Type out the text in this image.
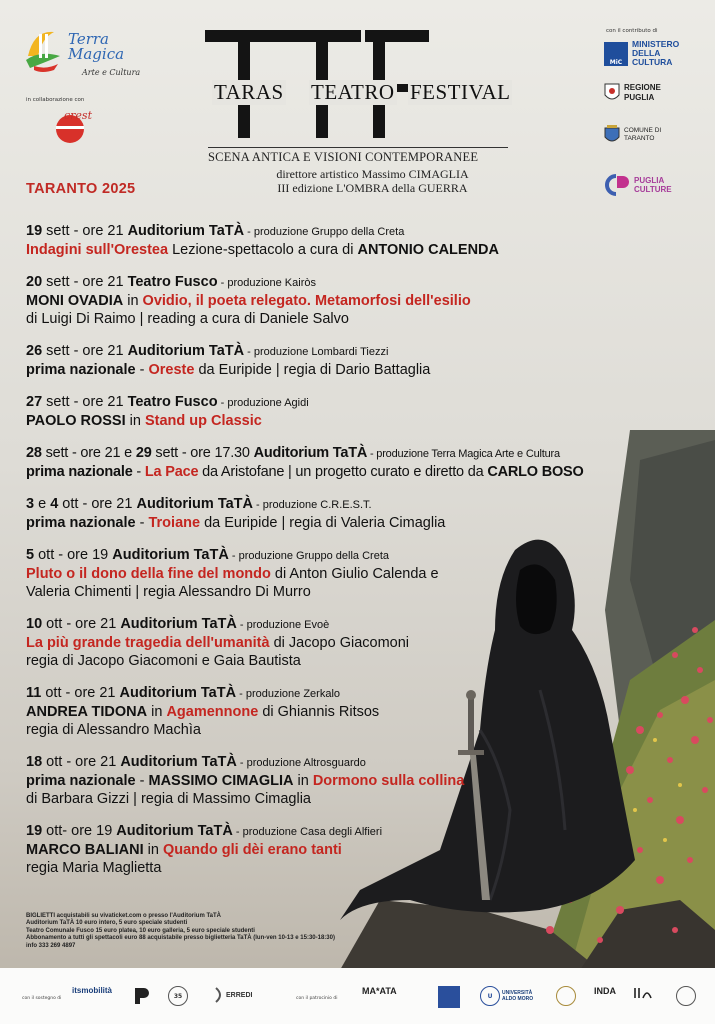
Terra Magica
Arte e Cultura
in collaborazione con
crest
TARAS TEATRO FESTIVAL
SCENA ANTICA E VISIONI CONTEMPORANEE
direttore artistico Massimo CIMAGLIA
III edizione L'OMBRA della GUERRA
TARANTO 2025
con il contributo di
MiC
MINISTERO
DELLA
CULTURA
REGIONE
PUGLIA
COMUNE DI
TARANTO
PUGLIA
CULTURE
19 sett - ore 21 Auditorium TaTÀ - produzione Gruppo della Creta
Indagini sull'Orestea Lezione-spettacolo a cura di ANTONIO CALENDA
20 sett - ore 21 Teatro Fusco - produzione Kairòs
MONI OVADIA in Ovidio, il poeta relegato. Metamorfosi dell'esilio
di Luigi Di Raimo | reading a cura di Daniele Salvo
26 sett - ore 21 Auditorium TaTÀ - produzione Lombardi Tiezzi
prima nazionale - Oreste da Euripide | regia di Dario Battaglia
27 sett - ore 21 Teatro Fusco - produzione Agidi
PAOLO ROSSI in Stand up Classic
28 sett - ore 21 e 29 sett - ore 17.30 Auditorium TaTÀ - produzione Terra Magica Arte e Cultura
prima nazionale - La Pace da Aristofane | un progetto curato e diretto da CARLO BOSO
3 e 4 ott - ore 21 Auditorium TaTÀ - produzione C.R.E.S.T.
prima nazionale - Troiane da Euripide | regia di Valeria Cimaglia
5 ott - ore 19 Auditorium TaTÀ - produzione Gruppo della Creta
Pluto o il dono della fine del mondo di Anton Giulio Calenda e
Valeria Chimenti | regia Alessandro Di Murro
10 ott - ore 21 Auditorium TaTÀ - produzione Evoè
La più grande tragedia dell'umanità di Jacopo Giacomoni
regia di Jacopo Giacomoni e Gaia Bautista
11 ott - ore 21 Auditorium TaTÀ - produzione Zerkalo
ANDREA TIDONA in Agamennone di Ghiannis Ritsos
regia di Alessandro Machìa
18 ott - ore 21 Auditorium TaTÀ - produzione Altrosguardo
prima nazionale - MASSIMO CIMAGLIA in Dormono sulla collina
di Barbara Gizzi | regia di Massimo Cimaglia
19 ott- ore 19 Auditorium TaTÀ - produzione Casa degli Alfieri
MARCO BALIANI in Quando gli dèi erano tanti
regia Maria Maglietta
BIGLIETTI acquistabili su vivaticket.com o presso l'Auditorium TaTÀ
Auditorium TaTÀ 10 euro intero, 5 euro speciale studenti
Teatro Comunale Fusco 15 euro platea, 10 euro galleria, 5 euro speciale studenti
Abbonamento a tutti gli spettacoli euro 88 acquistabile presso biglietteria TaTÀ (lun-ven 10-13 e 15:30-18:30)
info 333 269 4897
con il sostegno di
itsmobilità
35	ERREDI	con il patrocinio di
MA*ATA	U	UNIVERSITÀ ALDO MORO
INDA
